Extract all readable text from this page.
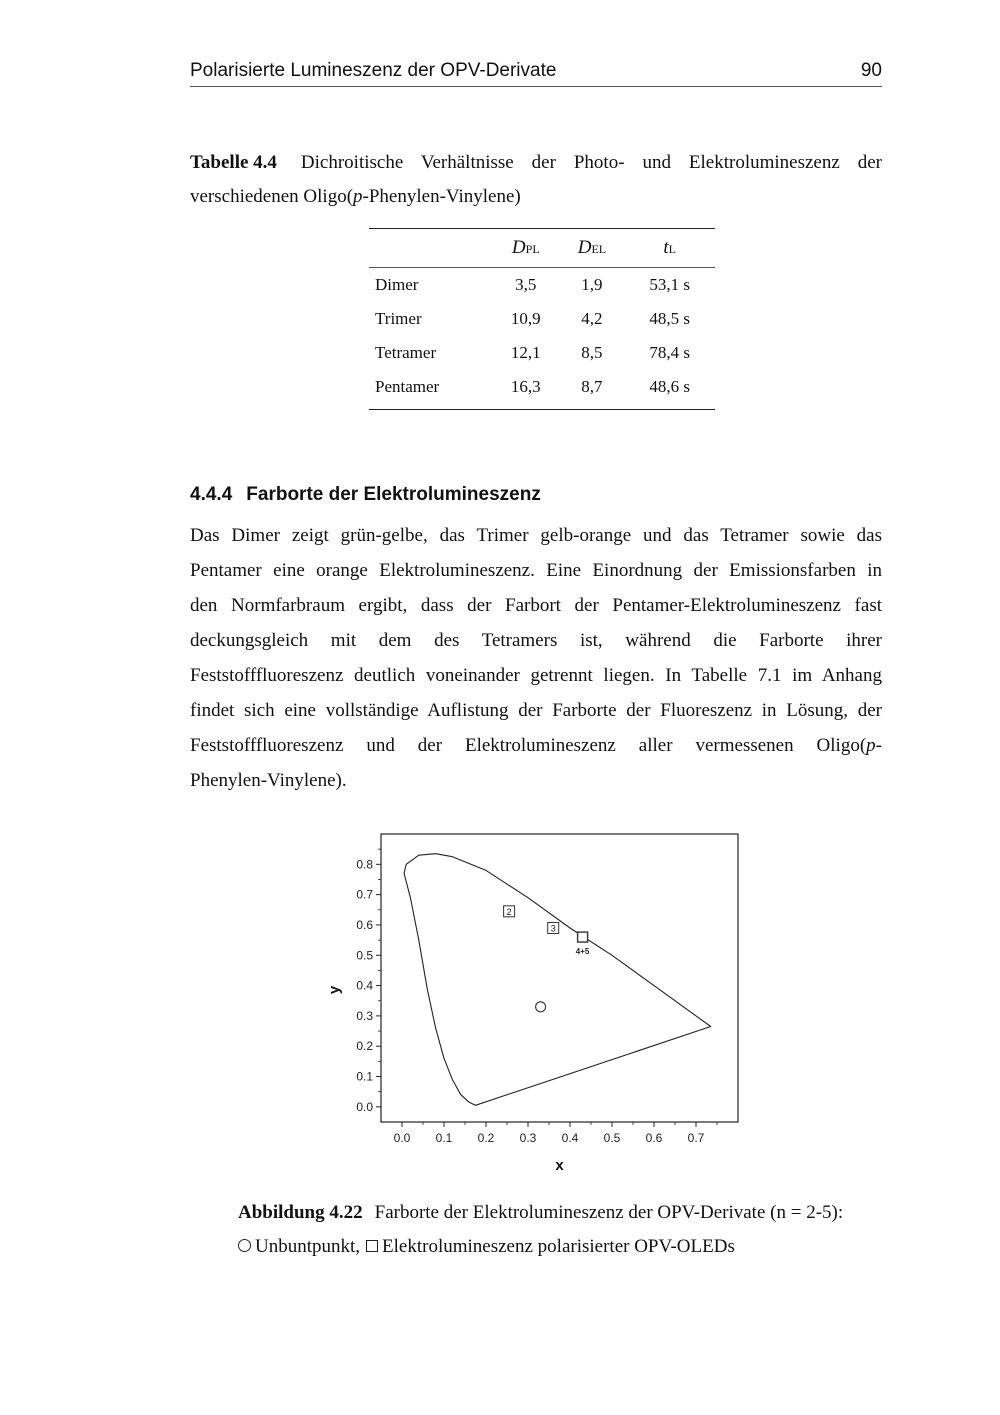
Polarisierte Lumineszenz der OPV-Derivate	90
Tabelle 4.4 Dichroitische Verhältnisse der Photo- und Elektrolumineszenz der
verschiedenen Oligo(p-Phenylen-Vinylene)
	DPL	DEL	tL
Dimer	3,5	1,9	53,1 s
Trimer	10,9	4,2	48,5 s
Tetramer	12,1	8,5	78,4 s
Pentamer	16,3	8,7	48,6 s
4.4.4 Farborte der Elektrolumineszenz
Das Dimer zeigt grün-gelbe, das Trimer gelb-orange und das Tetramer sowie das
Pentamer eine orange Elektrolumineszenz. Eine Einordnung der Emissionsfarben in
den Normfarbraum ergibt, dass der Farbort der Pentamer-Elektrolumineszenz fast
deckungsgleich mit dem des Tetramers ist, während die Farborte ihrer
Feststofffluoreszenz deutlich voneinander getrennt liegen. In Tabelle 7.1 im Anhang
findet sich eine vollständige Auflistung der Farborte der Fluoreszenz in Lösung, der
Feststofffluoreszenz und der Elektrolumineszenz aller vermessenen Oligo(p-
Phenylen-Vinylene).
0.0 0.1 0.2 0.3 0.4 0.5 0.6 0.7
0.0
0.1
0.2
0.3
0.4
0.5
0.6
0.7
0.8
x
y
2
3
4+5
Abbildung 4.22 Farborte der Elektrolumineszenz der OPV-Derivate (n = 2-5):
Unbuntpunkt, Elektrolumineszenz polarisierter OPV-OLEDs
